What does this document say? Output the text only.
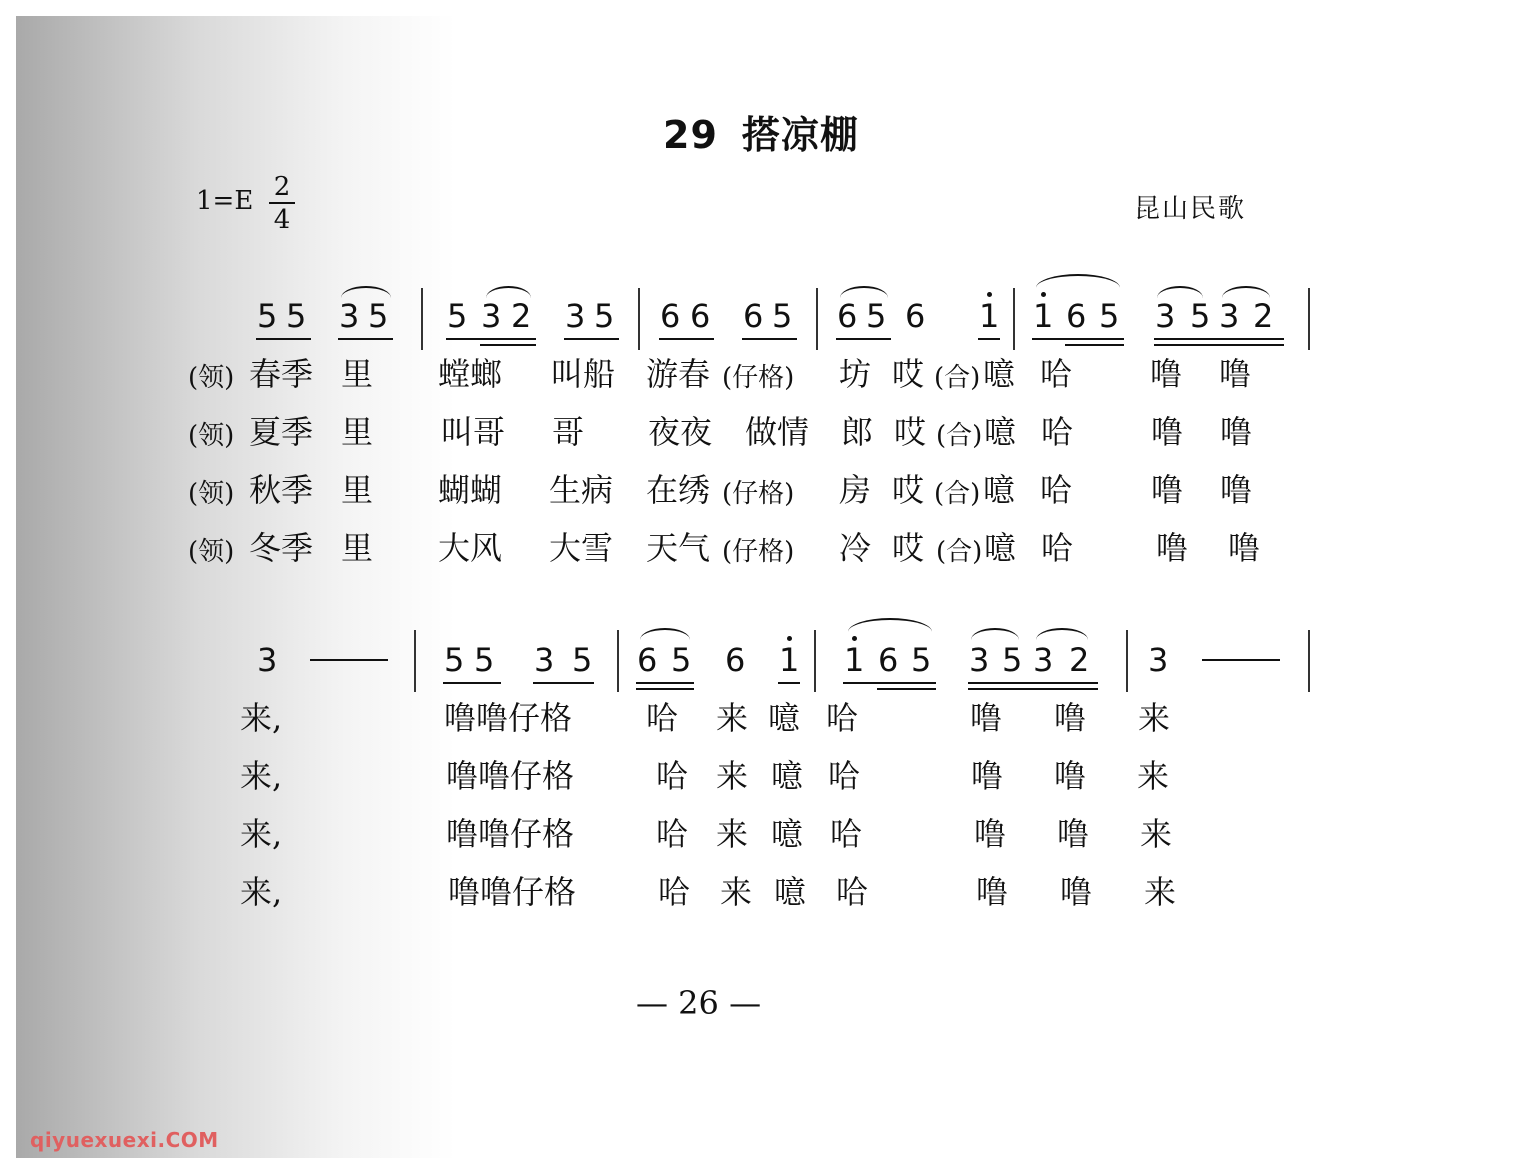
29 搭凉棚
1=E 2
4	昆山民歌
5 5 3 5 5 3 2 3 5 6 6 6 5 6 5 6 1 1 6 5 3 5 3 2
(领) 春季 里 螳螂 叫船 游春 (仔格) 坊 哎 (合) 噫 哈 噜 噜
(领) 夏季 里 叫哥 哥 夜夜 做情 郎 哎 (合) 噫 哈 噜 噜
(领) 秋季 里 蝴蝴 生病 在绣 (仔格) 房 哎 (合) 噫 哈 噜 噜
(领) 冬季 里 大风 大雪 天气 (仔格) 冷 哎 (合) 噫 哈	噜 噜
3	5 5 3 5 6 5 6 1 1 6 5 3 5 3 2 3
来,	噜噜仔格 哈 来 噫 哈	噜 噜 来
来,	噜噜仔格	哈 来 噫 哈	噜 噜 来
来,	噜噜仔格	哈 来 噫 哈	噜 噜 来
来,	噜噜仔格	哈 来 噫 哈	噜 噜 来
— 26 —
qiyuexuexi.COM
